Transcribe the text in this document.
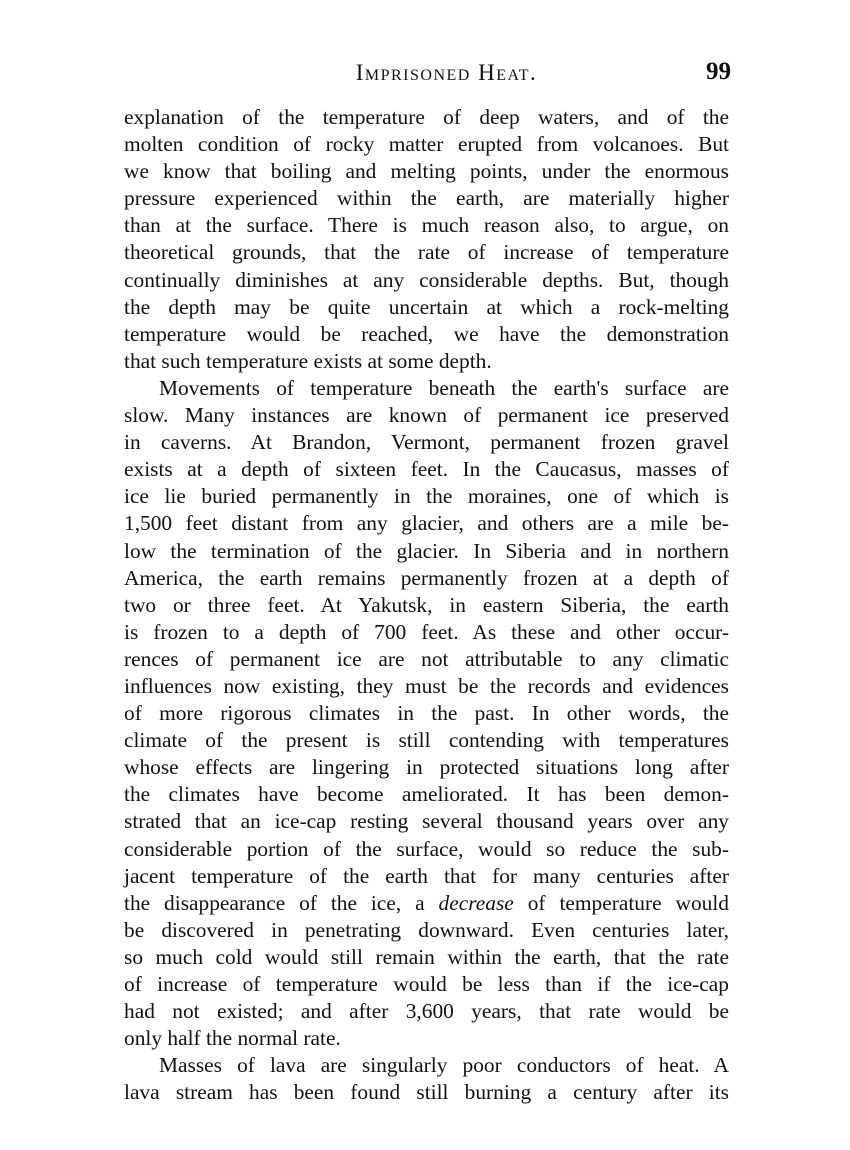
Imprisoned Heat.	99
explanation of the temperature of deep waters, and of the
molten condition of rocky matter erupted from volcanoes. But
we know that boiling and melting points, under the enormous
pressure experienced within the earth, are materially higher
than at the surface. There is much reason also, to argue, on
theoretical grounds, that the rate of increase of temperature
continually diminishes at any considerable depths. But, though
the depth may be quite uncertain at which a rock-melting
temperature would be reached, we have the demonstration
that such temperature exists at some depth.
Movements of temperature beneath the earth's surface are
slow. Many instances are known of permanent ice preserved
in caverns. At Brandon, Vermont, permanent frozen gravel
exists at a depth of sixteen feet. In the Caucasus, masses of
ice lie buried permanently in the moraines, one of which is
1,500 feet distant from any glacier, and others are a mile be-
low the termination of the glacier. In Siberia and in northern
America, the earth remains permanently frozen at a depth of
two or three feet. At Yakutsk, in eastern Siberia, the earth
is frozen to a depth of 700 feet. As these and other occur-
rences of permanent ice are not attributable to any climatic
influences now existing, they must be the records and evidences
of more rigorous climates in the past. In other words, the
climate of the present is still contending with temperatures
whose effects are lingering in protected situations long after
the climates have become ameliorated. It has been demon-
strated that an ice-cap resting several thousand years over any
considerable portion of the surface, would so reduce the sub-
jacent temperature of the earth that for many centuries after
the disappearance of the ice, a decrease of temperature would
be discovered in penetrating downward. Even centuries later,
so much cold would still remain within the earth, that the rate
of increase of temperature would be less than if the ice-cap
had not existed; and after 3,600 years, that rate would be
only half the normal rate.
Masses of lava are singularly poor conductors of heat. A
lava stream has been found still burning a century after its
